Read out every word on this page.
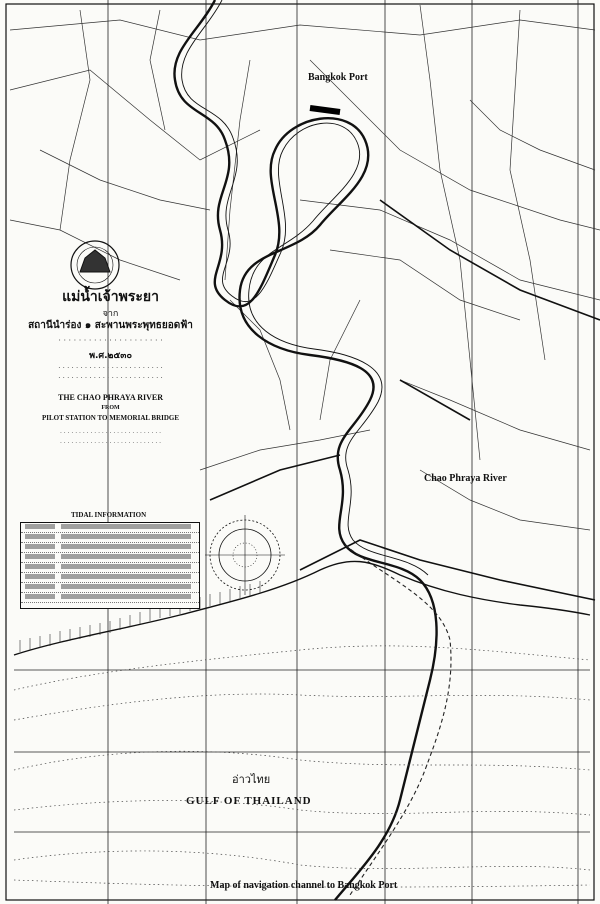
แม่น้ำเจ้าพระยา
จาก
สถานีนำร่อง ๑ สะพานพระพุทธยอดฟ้า
· · · · · · · · · · · · · · · · · · · · ·
พ.ศ.๒๕๓๐
· · · · · · · · · · · · · · · · · · · · · · · ·
· · · · · · · · · · · · · · · · · · · · · · · ·
THE CHAO PHRAYA RIVER
FROM
PILOT STATION TO MEMORIAL BRIDGE
· · · · · · · · · · · · · · · · · · · · · · · · · · ·
· · · · · · · · · · · · · · · · · · · · · · · · · · ·
TIDAL INFORMATION
Bangkok Port
Chao Phraya River
อ่าวไทย
GULF OF THAILAND
Map of navigation channel to Bangkok Port
